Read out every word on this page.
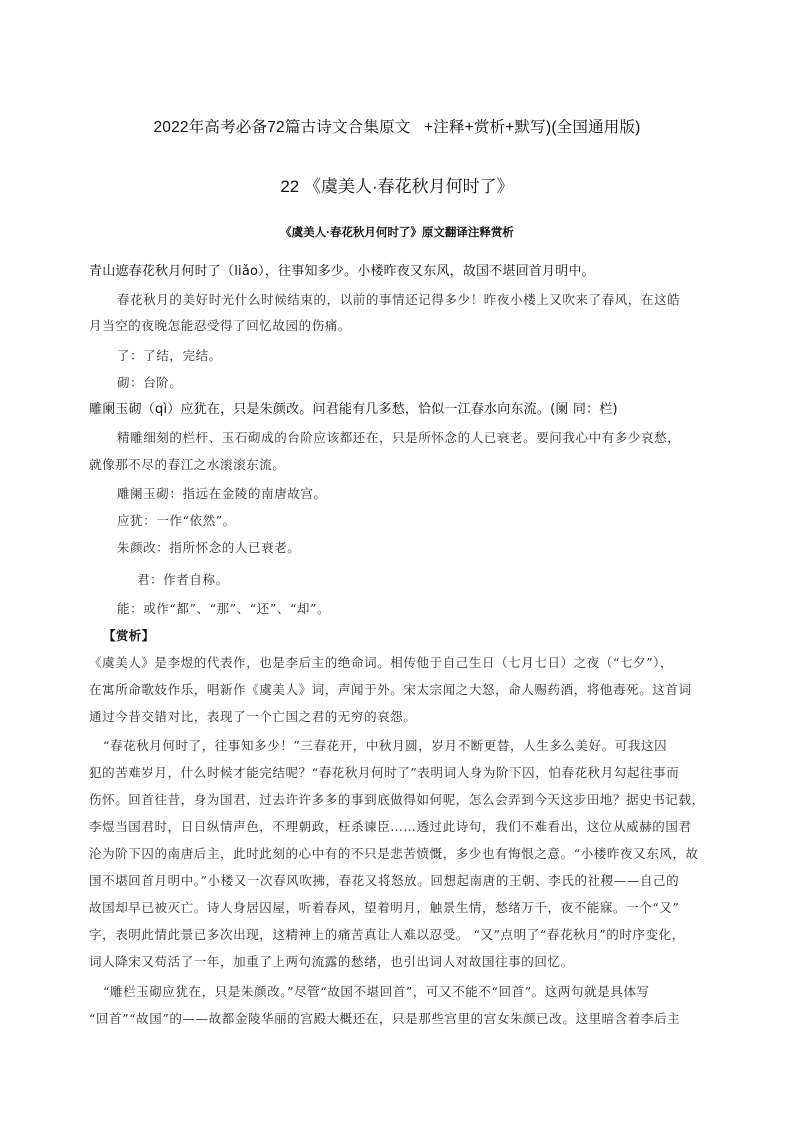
2022年高考必备72篇古诗文合集原文   +注释+赏析+默写)(全国通用版)
22 《虞美人·春花秋月何时了》
《虞美人·春花秋月何时了》原文翻译注释赏析
青山遮春花秋月何时了（liǎo），往事知多少。小楼昨夜又东风，故国不堪回首月明中。
春花秋月的美好时光什么时候结束的，以前的事情还记得多少！昨夜小楼上又吹来了春风，在这皓
月当空的夜晚怎能忍受得了回忆故园的伤痛。
了：了结，完结。
砌：台阶。
雕阑玉砌（qì）应犹在，只是朱颜改。问君能有几多愁，恰似一江春水向东流。(阑 同：栏)
精雕细刻的栏杆、玉石砌成的台阶应该都还在，只是所怀念的人已衰老。要问我心中有多少哀愁，
就像那不尽的春江之水滚滚东流。
雕阑玉砌：指远在金陵的南唐故宫。
应犹：一作“依然”。
朱颜改：指所怀念的人已衰老。
君：作者自称。
能：或作“都”、“那”、“还”、“却”。
【赏析】
《虞美人》是李煜的代表作，也是李后主的绝命词。相传他于自己生日（七月七日）之夜（“七夕”），
在寓所命歌妓作乐，唱新作《虞美人》词，声闻于外。宋太宗闻之大怒，命人赐药酒，将他毒死。这首词
通过今昔交错对比，表现了一个亡国之君的无穷的哀怨。
“春花秋月何时了，往事知多少！”三春花开，中秋月圆，岁月不断更替，人生多么美好。可我这囚
犯的苦难岁月，什么时候才能完结呢？“春花秋月何时了”表明词人身为阶下囚，怕春花秋月勾起往事而
伤怀。回首往昔，身为国君，过去许许多多的事到底做得如何呢，怎么会弄到今天这步田地？据史书记载，
李煜当国君时，日日纵情声色，不理朝政，枉杀谏臣……透过此诗句，我们不难看出，这位从威赫的国君
沦为阶下囚的南唐后主，此时此刻的心中有的不只是悲苦愤慨，多少也有悔恨之意。“小楼昨夜又东风，故
国不堪回首月明中。”小楼又一次春风吹拂，春花又将怒放。回想起南唐的王朝、李氏的社稷——自己的
故国却早已被灭亡。诗人身居囚屋，听着春风，望着明月，触景生情，愁绪万千，夜不能寐。一个“又”
字，表明此情此景已多次出现，这精神上的痛苦真让人难以忍受。 “又”点明了“春花秋月”的时序变化，
词人降宋又苟活了一年，加重了上两句流露的愁绪，也引出词人对故国往事的回忆。
“雕栏玉砌应犹在，只是朱颜改。”尽管“故国不堪回首”，可又不能不“回首”。这两句就是具体写
“回首”“故国”的——故都金陵华丽的宫殿大概还在，只是那些宫里的宫女朱颜已改。这里暗含着李后主
